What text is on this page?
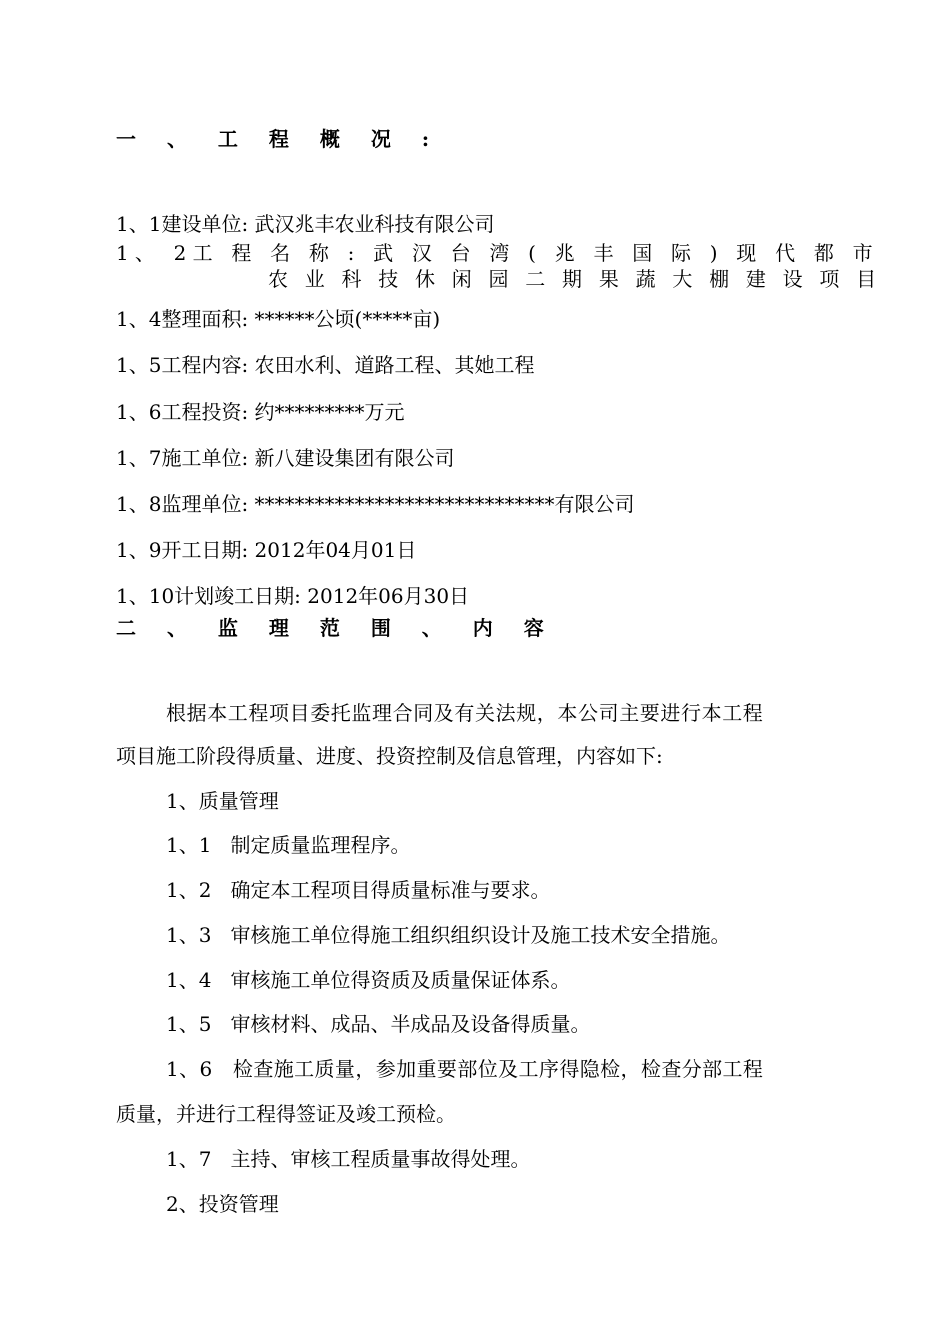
一 、 工 程 概 况 :
1、1建设单位: 武汉兆丰农业科技有限公司
1、 2工 程 名 称 : 武 汉 台 湾 ( 兆 丰 国 际 ) 现 代 都 市
农 业 科 技 休 闲 园 二 期 果 蔬 大 棚 建 设 项 目
1、4整理面积: ******公顷(*****亩)
1、5工程内容: 农田水利、道路工程、其她工程
1、6工程投资: 约*********万元
1、7施工单位: 新八建设集团有限公司
1、8监理单位: ******************************有限公司
1、9开工日期: 2012年04月01日
1、10计划竣工日期: 2012年06月30日
二 、 监 理 范 围 、 内 容
根据本工程项目委托监理合同及有关法规，本公司主要进行本工程
项目施工阶段得质量、进度、投资控制及信息管理，内容如下:
1、质量管理
1、1   制定质量监理程序。
1、2   确定本工程项目得质量标准与要求。
1、3   审核施工单位得施工组织组织设计及施工技术安全措施。
1、4   审核施工单位得资质及质量保证体系。
1、5   审核材料、成品、半成品及设备得质量。
1、6   检查施工质量，参加重要部位及工序得隐检，检查分部工程
质量，并进行工程得签证及竣工预检。
1、7   主持、审核工程质量事故得处理。
2、投资管理
